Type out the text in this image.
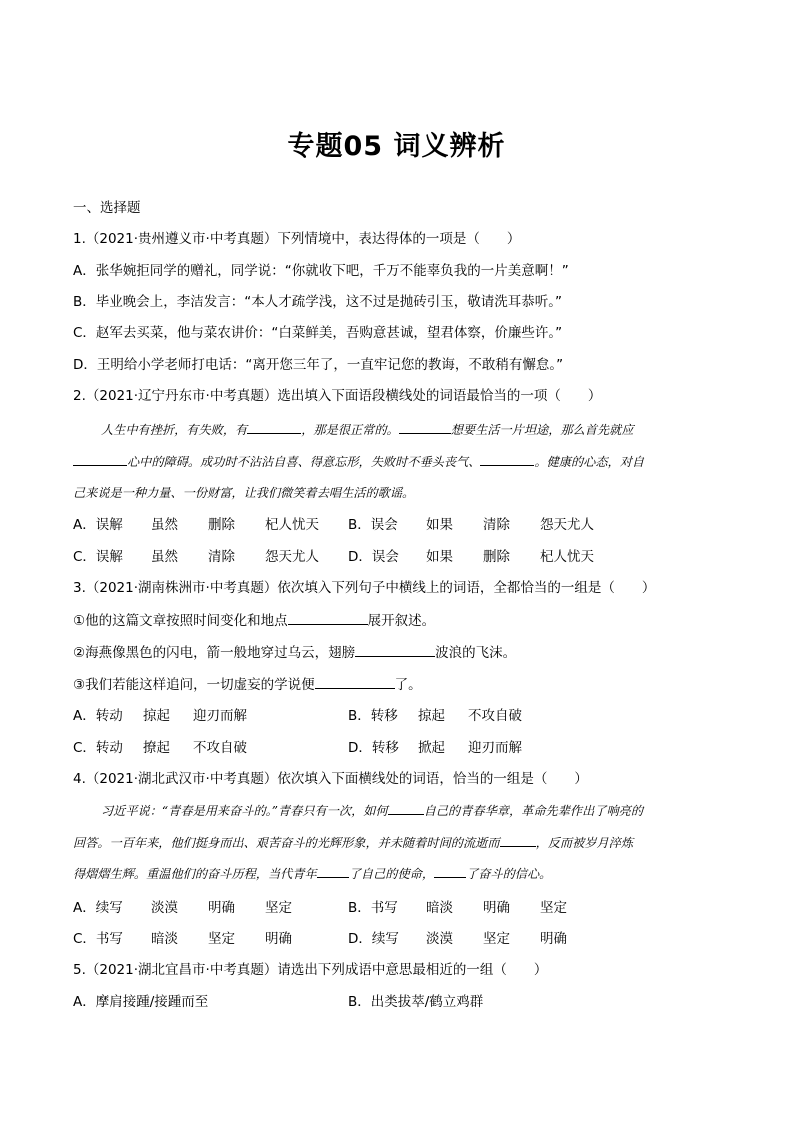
专题05 词义辨析
一、选择题
1.（2021·贵州遵义市·中考真题）下列情境中，表达得体的一项是（　　）
A．张华婉拒同学的赠礼，同学说：“你就收下吧，千万不能辜负我的一片美意啊！”
B．毕业晚会上，李洁发言：“本人才疏学浅，这不过是抛砖引玉，敬请洗耳恭听。”
C．赵军去买菜，他与菜农讲价：“白菜鲜美，吾购意甚诚，望君体察，价廉些许。”
D．王明给小学老师打电话：“离开您三年了，一直牢记您的教诲，不敢稍有懈怠。”
2.（2021·辽宁丹东市·中考真题）选出填入下面语段横线处的词语最恰当的一项（　　）
人生中有挫折，有失败，有	，那是很正常的。	想要生活一片坦途，那么首先就应
心中的障碍。成功时不沾沾自喜、得意忘形，失败时不垂头丧气、	。健康的心态，对自
己来说是一种力量、一份财富，让我们微笑着去唱生活的歌谣。
A．误解 虽然 删除 杞人忧天 B．误会 如果 清除 怨天尤人
C．误解 虽然 清除 怨天尤人 D．误会 如果 删除 杞人忧天
3.（2021·湖南株洲市·中考真题）依次填入下列句子中横线上的词语，全都恰当的一组是（　　）
①他的这篇文章按照时间变化和地点	展开叙述。
②海燕像黑色的闪电，箭一般地穿过乌云，翅膀	波浪的飞沫。
③我们若能这样追问，一切虚妄的学说便	了。
A．转动 掠起 迎刃而解	B．转移 掠起 不攻自破
C．转动 撩起 不攻自破	D．转移 掀起 迎刃而解
4.（2021·湖北武汉市·中考真题）依次填入下面横线处的词语，恰当的一组是（　　）
习近平说：“青春是用来奋斗的。”青春只有一次，如何	自己的青春华章，革命先辈作出了响亮的
回答。一百年来，他们挺身而出、艰苦奋斗的光辉形象，并未随着时间的流逝而	，反而被岁月淬炼
得熠熠生辉。重温他们的奋斗历程，当代青年	了自己的使命，	了奋斗的信心。
A．续写 淡漠 明确 坚定	B．书写 暗淡 明确 坚定
C．书写 暗淡 坚定 明确	D．续写 淡漠 坚定 明确
5.（2021·湖北宜昌市·中考真题）请选出下列成语中意思最相近的一组（　　）
A．摩肩接踵/接踵而至	B．出类拔萃/鹤立鸡群
